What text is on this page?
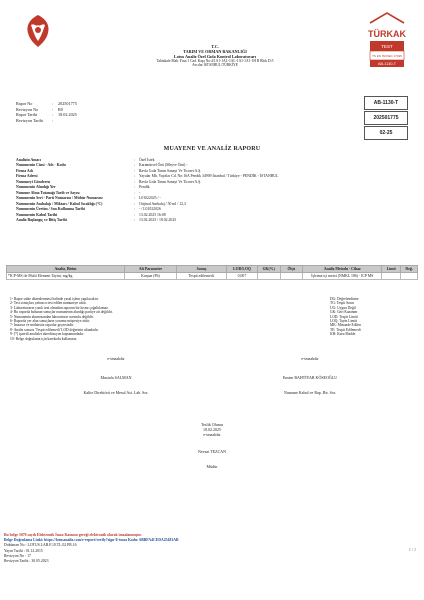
TÜRKAK
TEST
TS EN ISO/IEC 17025
AB-1130-T
T.C.
TARIM VE ORMAN BAKANLIĞI
Lotus Analiz Özel Gıda Kontrol Laboratuvarı
Tahtakale Mah. Fırat 1 Cad. Kapı No:4/1A1-1AL-1AL-1A1-1A1-1H B Blok D:5
Avcılar İSTANBUL/TÜRKİYE
Rapor No	:	202501775
Revizyon No	:	R0
Rapor Tarihi	:	18.02.2025
Revizyon Tarihi	:
AB-1130-T
202501775
02-25
MUAYENE VE ANALİZ RAPORU
Analizin Amacı	:	Özel İstek
Numunenin Cinsi - Adı - Kodu	:	Karamürsel Özü (Meyve Özü) -
Firma Adı	:	Ravla Gıda Tarım Sanayi Ve Ticaret A.Ş.
Firma Adresi	:	Yayalar Mh. Yayalar Cd. No:16A Pendik 34909 İstanbul / Türkiye - PENDİK - İSTANBUL
Numuneyi Gönderen	:	Ravla Gıda Tarım Sanayi Ve Ticaret A.Ş.
Numunenin Alındığı Yer	:	Pendik
Numune Alma Tutanağı Tarih ve Sayısı	:	-
Numunenin Seri - Parti Numarası / Mühür Numarası	:	L01022025 / -
Numunenin Ambalajı / Miktarı / Kabul Sıcaklığı (°C)	:	Orijinal Ambalaj / 50 ml / 12,3
Numunenin Üretim / Son Kullanma Tarihi	:	- / L01022026
Numunenin Kabul Tarihi	:	13.02.2025 16:08
Analiz Başlangıç ve Bitiş Tarihi	:	13.02.2025 / 18.02.2025
Analiz, Birim	Alt Parametre	Sonuç	LOD/LOQ	GK(%)	Ölçü	Analiz Metodu - Cihaz	Limit	Değ.
*ICP-MS ile Multi Element Tayini, mg/kg	Kurşun (Pb)	Tespit edilemedi.	0,007			İşletme içi metot (NMKL 186) - ICP MS		
1- Rapor sahte düzenlenmesi halinde yasal işlem yapılacaktır.
2- Test sonuçları yalnızca test edilen numuneye aittir.
3- Laboratuvarın yazılı izni olmadan raporun bir kısmı çoğaltılamaz.
4- Bu raporda bulunan sonuçlar numunenin alındığı partiye ait değildir.
5- Numunenin alınmasından laboratuvar sorumlu değildir.
6- Raporda yer alan sonuçların yorumu müşteriye aittir.
7- İmzasız ve mühürsüz raporlar geçersizdir.
8- Analiz sonucu 'Tespit edilemedi' LOD değerinin altındadır.
9- (*) işaretli analizler akreditasyon kapsamındadır.
10- Belge doğrulama için karekodu kullanınız.
DG: Değerlendirme
TG: Tespit Sınırı
UG: Uygun Değil
GK: Geri Kazanım
LOD: Tespit Limiti
LOQ: Tayin Limiti
MK: Müsaade Edilen
TE: Tespit Edilemedi
KH: Kuru Madde
e-imzalıdır
Mustafa SALMAN
Kalite Direktörü ve Mesul Ast. Lab. Sor.
e-imzalıdır
Emine BAHTİYAR KÖSEOĞLU
Numune Kabul ve Rap. Bir. Sor.
Teslik Olunur
18.02.2025
e-imzalıdır
Nevzat TEZCAN
Müdür
Bu belge 5070 sayılı Elektronik İmza Kanunu gereği elektronik olarak imzalanmıştır.
Belge Doğrulama Linki: https://lotusanaliz.com/e-report/verify?sign-E-imza Kodu: 6BBFA4CEDA25481AB
Doküman No : LOTUS.LAB.F.10.TL.02.PR.16
Yayın Tarihi : 01.12.2015
Revizyon No : 17
Revizyon Tarihi : 30.05.2023
1 / 1
